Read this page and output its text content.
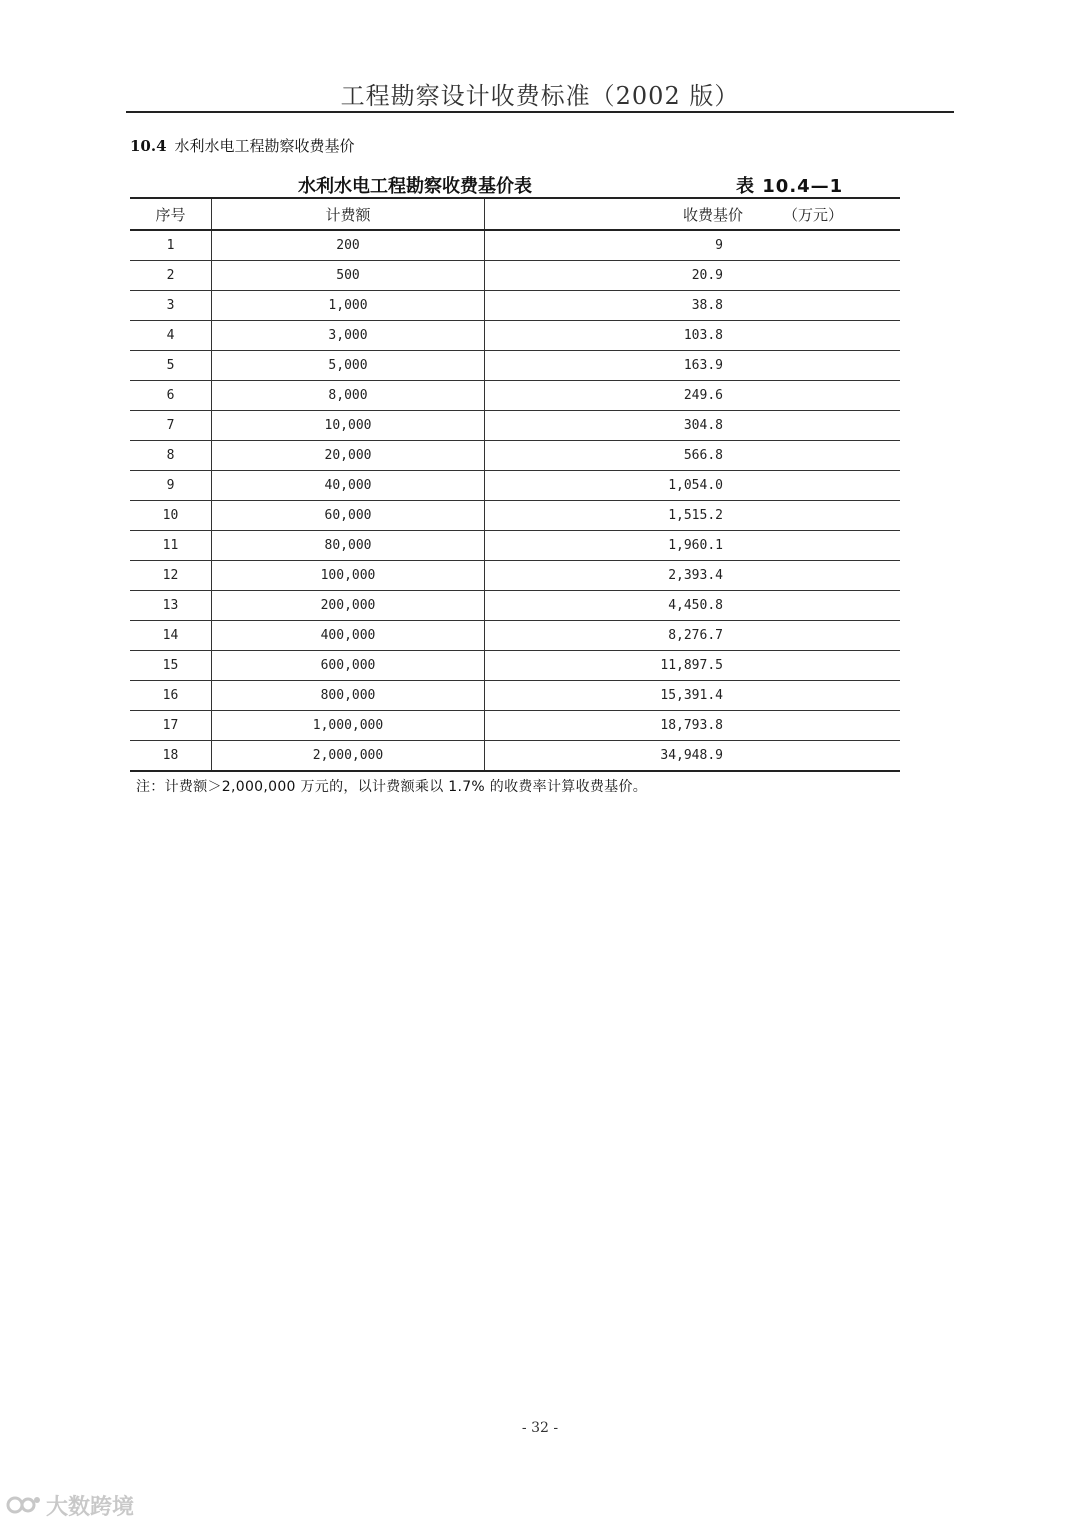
工程勘察设计收费标准（2002 版）
10.4 水利水电工程勘察收费基价
水利水电工程勘察收费基价表	表 10.4—1
序号	计费额	收费基价 （万元）
1	200	9
2	500	20.9
3	1,000	38.8
4	3,000	103.8
5	5,000	163.9
6	8,000	249.6
7	10,000	304.8
8	20,000	566.8
9	40,000	1,054.0
10	60,000	1,515.2
11	80,000	1,960.1
12	100,000	2,393.4
13	200,000	4,450.8
14	400,000	8,276.7
15	600,000	11,897.5
16	800,000	15,391.4
17	1,000,000	18,793.8
18	2,000,000	34,948.9
注：计费额＞2,000,000 万元的，以计费额乘以 1.7% 的收费率计算收费基价。
- 32 -
大数跨境
